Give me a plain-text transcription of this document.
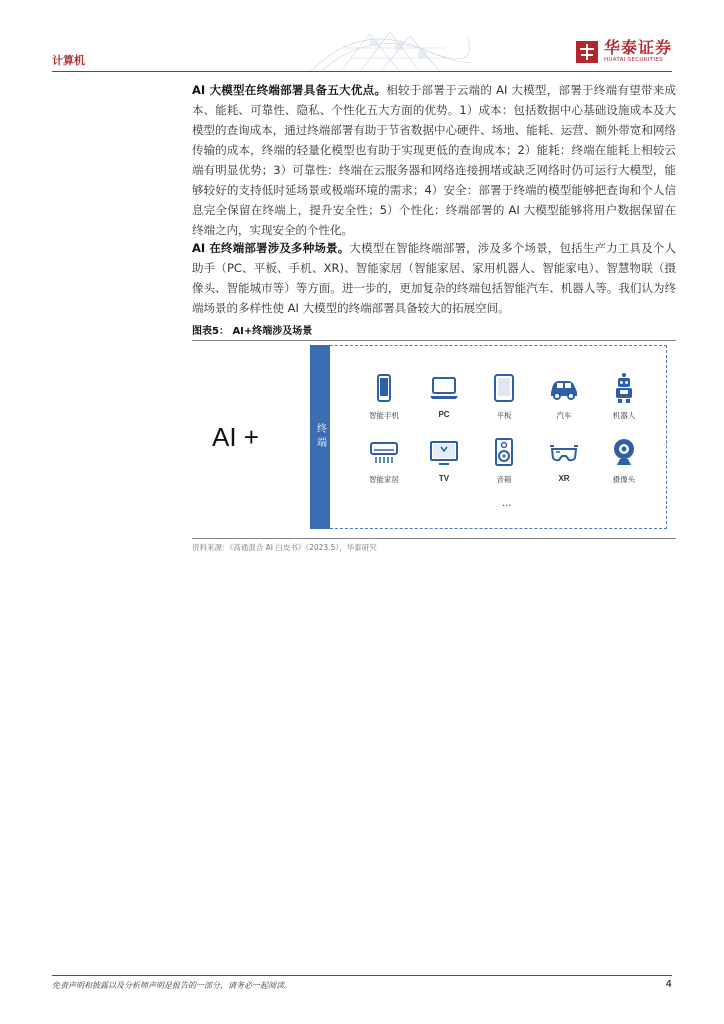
计算机
华泰证券
HUATAI SECURITIES

AI 大模型在终端部署具备五大优点。相较于部署于云端的 AI 大模型，部署于终端有望带来成本、能耗、可靠性、隐私、个性化五大方面的优势。1）成本：包括数据中心基础设施成本及大模型的查询成本，通过终端部署有助于节省数据中心硬件、场地、能耗、运营、额外带宽和网络传输的成本，终端的轻量化模型也有助于实现更低的查询成本；2）能耗：终端在能耗上相较云端有明显优势；3）可靠性：终端在云服务器和网络连接拥堵或缺乏网络时仍可运行大模型，能够较好的支持低时延场景或极端环境的需求；4）安全：部署于终端的模型能够把查询和个人信息完全保留在终端上，提升安全性；5）个性化：终端部署的 AI 大模型能够将用户数据保留在终端之内，实现安全的个性化。

AI 在终端部署涉及多种场景。大模型在智能终端部署，涉及多个场景，包括生产力工具及个人助手（PC、平板、手机、XR)、智能家居（智能家居、家用机器人、智能家电）、智慧物联（摄像头、智能城市等）等方面。进一步的，更加复杂的终端包括智能汽车、机器人等。我们认为终端场景的多样性使 AI 大模型的终端部署具备较大的拓展空间。

图表5： AI+终端涉及场景
AI +	终端
智能手机	PC	平板	汽车	机器人
智能家居	TV	音箱	XR	摄像头
...
资料来源：《高通混合 AI 白皮书》（2023.5），华泰研究
免责声明和披露以及分析师声明是报告的一部分，请务必一起阅读。	4
